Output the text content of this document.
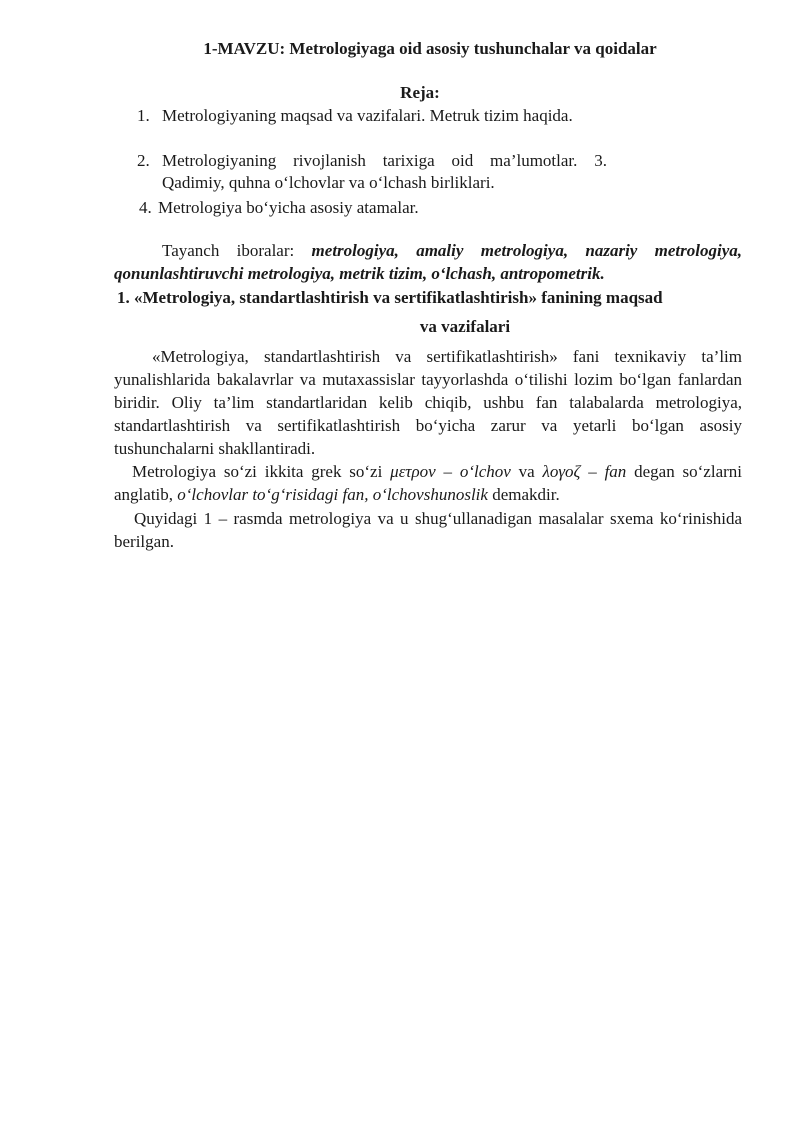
1-MAVZU: Metrologiyaga oid asosiy tushunchalar va qoidalar
Reja:
1. Metrologiyaning maqsad va vazifalari. Metruk tizim haqida.
2. Metrologiyaning rivojlanish tarixiga oid ma’lumotlar. 3. Qadimiy, quhna o‘lchovlar va o‘lchash birliklari.
4. Metrologiya bo‘yicha asosiy atamalar.
Tayanch iboralar: metrologiya, amaliy metrologiya, nazariy metrologiya, qonunlashtiruvchi metrologiya, metrik tizim, o‘lchash, antropometrik.
1. «Metrologiya, standartlashtirish va sertifikatlashtirish» fanining maqsad
va vazifalari
«Metrologiya, standartlashtirish va sertifikatlashtirish» fani texnikaviy ta’lim yunalishlarida bakalavrlar va mutaxassislar tayyorlashda o‘tilishi lozim bo‘lgan fanlardan biridir. Oliy ta’lim standartlaridan kelib chiqib, ushbu fan talabalarda metrologiya, standartlashtirish va sertifikatlashtirish bo‘yicha zarur va yetarli bo‘lgan asosiy tushunchalarni shakllantiradi.
Metrologiya so‘zi ikkita grek so‘zi μετρον – o‘lchov va λογοζ – fan degan so‘zlarni anglatib, o‘lchovlar to‘g‘risidagi fan, o‘lchovshunoslik demakdir.
Quyidagi 1 – rasmda metrologiya va u shug‘ullanadigan masalalar sxema ko‘rinishida berilgan.
